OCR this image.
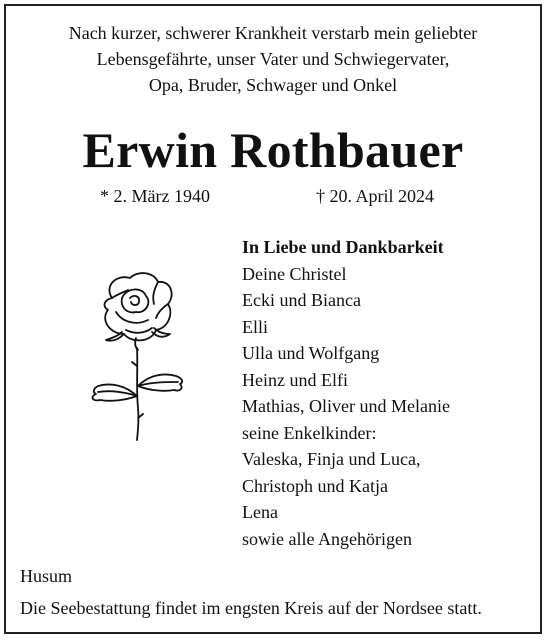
Nach kurzer, schwerer Krankheit verstarb mein geliebter
Lebensgefährte, unser Vater und Schwiegervater,
Opa, Bruder, Schwager und Onkel
Erwin Rothbauer
* 2. März 1940	† 20. April 2024
In Liebe und Dankbarkeit
Deine Christel
Ecki und Bianca
Elli
Ulla und Wolfgang
Heinz und Elfi
Mathias, Oliver und Melanie
seine Enkelkinder:
Valeska, Finja und Luca,
Christoph und Katja
Lena
sowie alle Angehörigen
Husum
Die Seebestattung findet im engsten Kreis auf der Nordsee statt.
